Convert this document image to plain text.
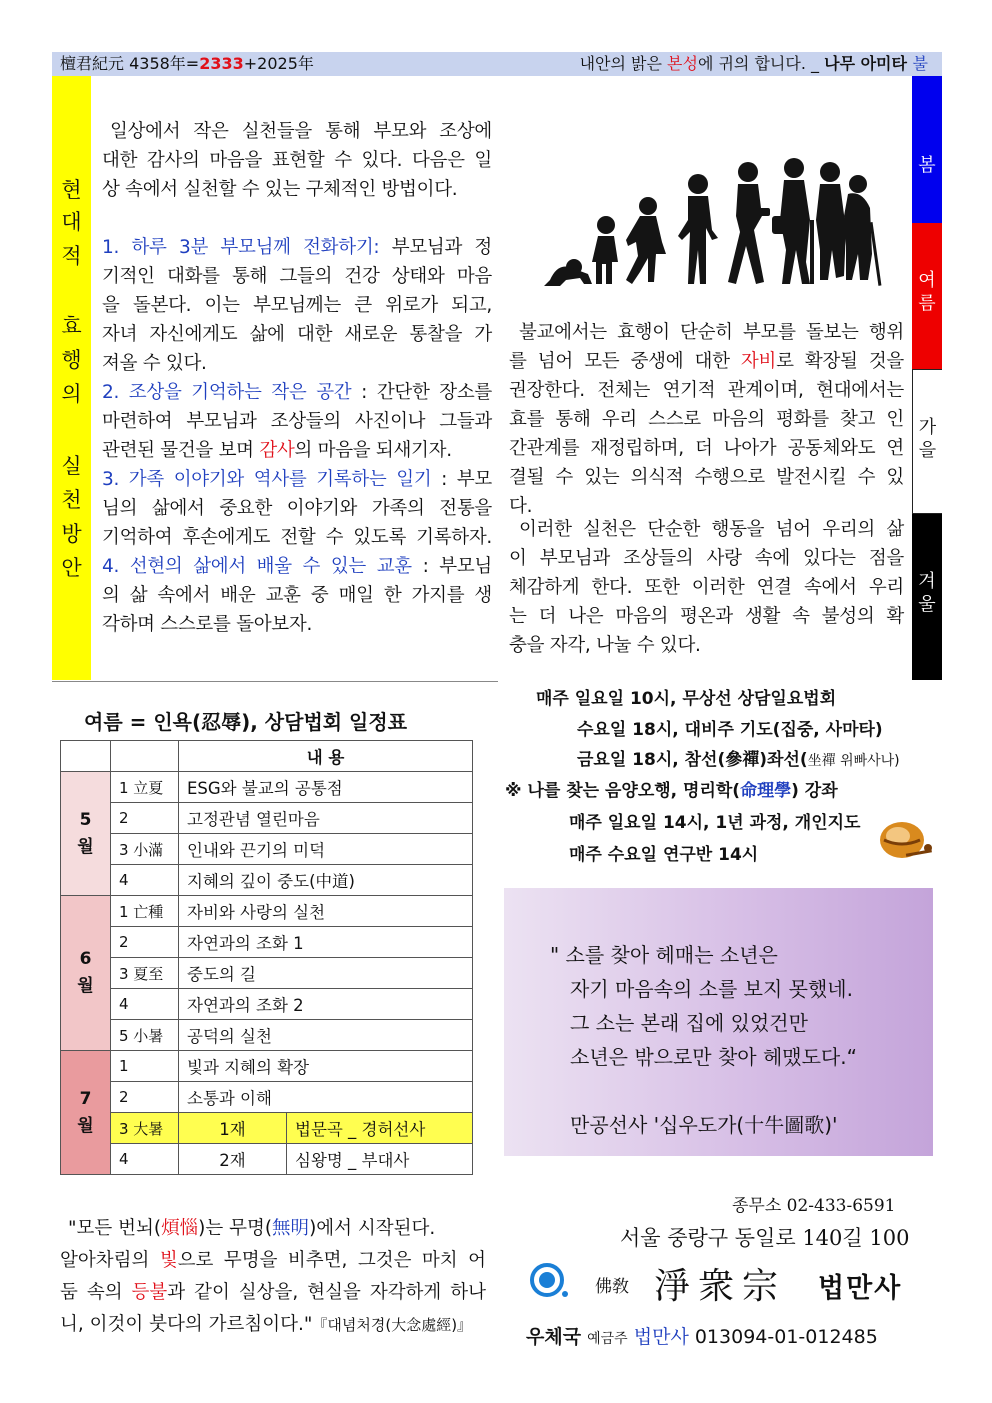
檀君紀元 4358年=2333+2025年	내안의 밝은 본성에 귀의 합니다. _ 나무 아미타 불
현
대
적
효
행
의
실
천
방
안
봄
여
름
가
을
겨
울
일상에서 작은 실천들을 통해 부모와 조상에
대한 감사의 마음을 표현할 수 있다. 다음은 일
상 속에서 실천할 수 있는 구체적인 방법이다.
1. 하루 3분 부모님께 전화하기: 부모님과 정
기적인 대화를 통해 그들의 건강 상태와 마음
을 돌본다. 이는 부모님께는 큰 위로가 되고,
자녀 자신에게도 삶에 대한 새로운 통찰을 가
져올 수 있다.
2. 조상을 기억하는 작은 공간 : 간단한 장소를
마련하여 부모님과 조상들의 사진이나 그들과
관련된 물건을 보며 감사의 마음을 되새기자.
3. 가족 이야기와 역사를 기록하는 일기 : 부모
님의 삶에서 중요한 이야기와 가족의 전통을
기억하여 후손에게도 전할 수 있도록 기록하자.
4. 선현의 삶에서 배울 수 있는 교훈 : 부모님
의 삶 속에서 배운 교훈 중 매일 한 가지를 생
각하며 스스로를 돌아보자.
불교에서는 효행이 단순히 부모를 돌보는 행위
를 넘어 모든 중생에 대한 자비로 확장될 것을
권장한다. 전체는 연기적 관계이며, 현대에서는
효를 통해 우리 스스로 마음의 평화를 찾고 인
간관계를 재정립하며, 더 나아가 공동체와도 연
결될 수 있는 의식적 수행으로 발전시킬 수 있
다.
이러한 실천은 단순한 행동을 넘어 우리의 삶
이 부모님과 조상들의 사랑 속에 있다는 점을
체감하게 한다. 또한 이러한 연결 속에서 우리
는 더 나은 마음의 평온과 생활 속 불성의 확
충을 자각, 나눌 수 있다.
여름 = 인욕(忍辱), 상담법회 일정표
		내 용	
5
월	1 立夏	ESG와 불교의 공통점	
	2	고정관념 열린마음	
	3 小滿	인내와 끈기의 미덕	
	4	지혜의 깊이 중도(中道)	
6
월	1 亡種	자비와 사랑의 실천	
	2	자연과의 조화 1	
	3 夏至	중도의 길	
	4	자연과의 조화 2	
	5 小暑	공덕의 실천	
7
월	1	빛과 지혜의 확장	
	2	소통과 이해	
	3 大暑	1재	법문곡 _ 경허선사
	4	2재	심왕명 _ 부대사
매주 일요일 10시, 무상선 상담일요법회
수요일 18시, 대비주 기도(집중, 사마타)
금요일 18시, 참선(參禪)좌선(坐禪 위빠사나)
※ 나를 찾는 음양오행, 명리학(命理學) 강좌
매주 일요일 14시, 1년 과정, 개인지도
매주 수요일 연구반 14시
" 소를 찾아 헤매는 소년은
자기 마음속의 소를 보지 못했네.
그 소는 본래 집에 있었건만
소년은 밖으로만 찾아 헤맸도다.“
만공선사 '십우도가(十牛圖歌)'
"모든 번뇌(煩惱)는 무명(無明)에서 시작된다.
알아차림의 빛으로 무명을 비추면, 그것은 마치 어
둠 속의 등불과 같이 실상을, 현실을 자각하게 하나
니, 이것이 붓다의 가르침이다."『대념처경(大念處經)』
종무소 02-433-6591
서울 중랑구 동일로 140길 100
佛敎 淨衆宗 법만사
우체국 예금주 법만사 013094-01-012485
